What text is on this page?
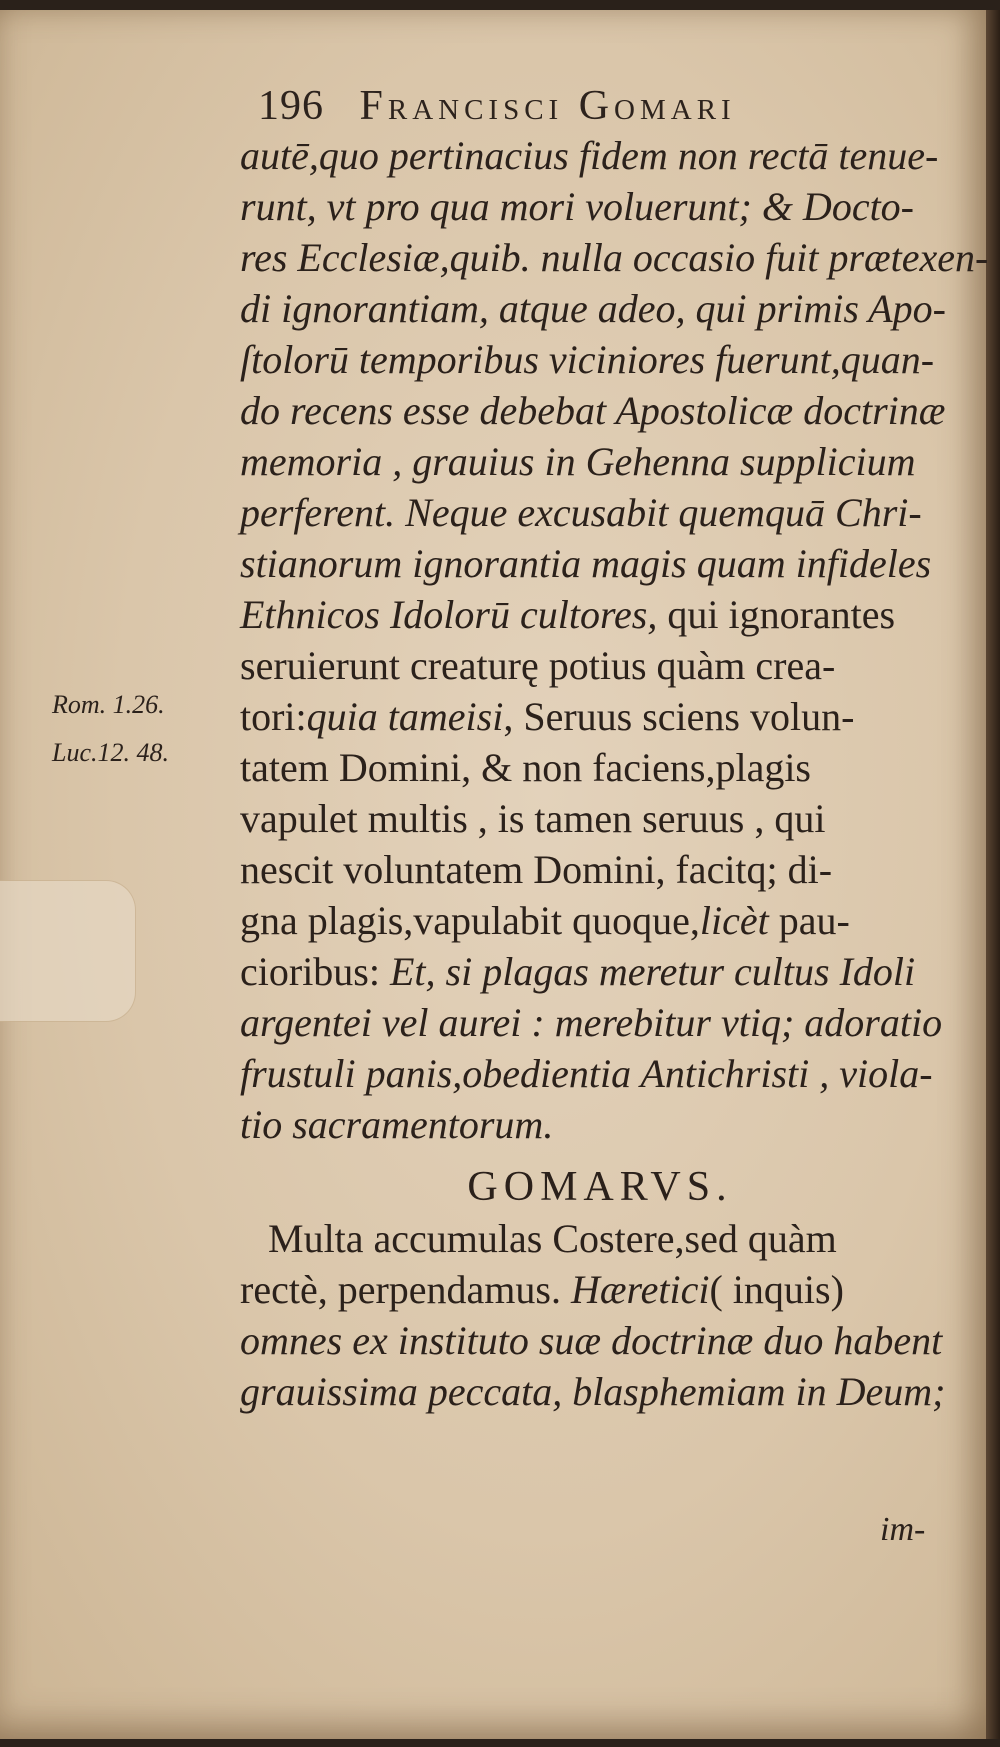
196 Francisci Gomari
Rom. 1.26.
Luc.12. 48.
autē,quo pertinacius fidem non rectā tenue-
runt, vt pro qua mori voluerunt; & Docto-
res Ecclesiæ,quib. nulla occasio fuit prætexen-
di ignorantiam, atque adeo, qui primis Apo-
ſtolorū temporibus viciniores fuerunt,quan-
do recens esse debebat Apostolicæ doctrinæ
memoria , grauius in Gehenna supplicium
perferent. Neque excusabit quemquā Chri-
stianorum ignorantia magis quam infideles
Ethnicos Idolorū cultores, qui ignorantes
seruierunt creaturę potius quàm crea-
tori:quia tameisi, Seruus sciens volun-
tatem Domini, & non faciens,plagis
vapulet multis , is tamen seruus , qui
nescit voluntatem Domini, facitq; di-
gna plagis,vapulabit quoque,licèt pau-
cioribus: Et, si plagas meretur cultus Idoli
argentei vel aurei : merebitur vtiq; adoratio
frustuli panis,obedientia Antichristi , viola-
tio sacramentorum.
GOMARVS.
Multa accumulas Costere,sed quàm
rectè, perpendamus. Hæretici( inquis)
omnes ex instituto suæ doctrinæ duo habent
grauissima peccata, blasphemiam in Deum;
im-
